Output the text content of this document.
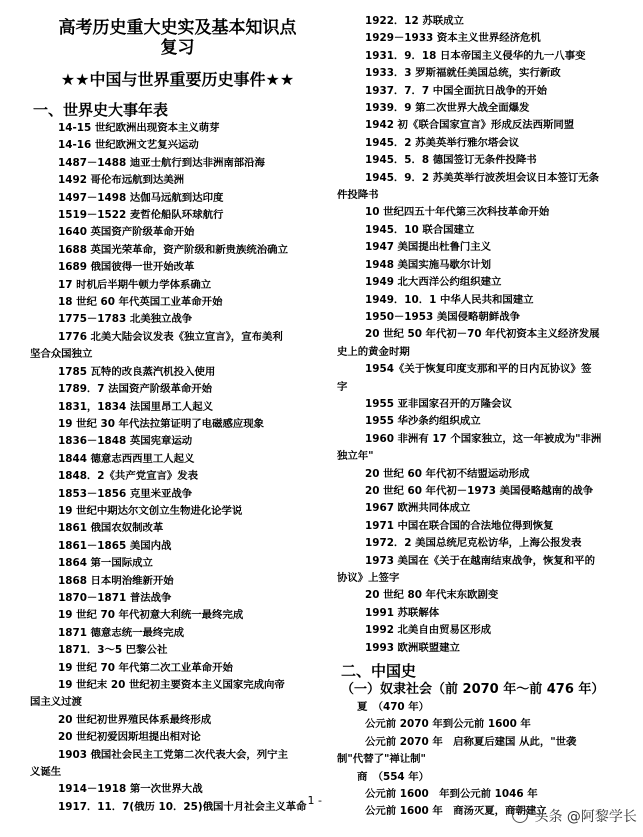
高考历史重大史实及基本知识点
复习
★★中国与世界重要历史事件★★
一、世界史大事年表
14-15 世纪欧洲出现资本主义萌芽
14-16 世纪欧洲文艺复兴运动
1487－1488 迪亚士航行到达非洲南部沿海
1492 哥伦布远航到达美洲
1497－1498 达伽马远航到达印度
1519－1522 麦哲伦船队环球航行
1640 英国资产阶级革命开始
1688 英国光荣革命，资产阶级和新贵族统治确立
1689 俄国彼得一世开始改革
17 时机后半期牛顿力学体系确立
18 世纪 60 年代英国工业革命开始
1775－1783 北美独立战争
1776 北美大陆会议发表《独立宣言》，宣布美利
坚合众国独立
1785 瓦特的改良蒸汽机投入使用
1789．7 法国资产阶级革命开始
1831，1834 法国里昂工人起义
19 世纪 30 年代法拉第证明了电磁感应现象
1836－1848 英国宪章运动
1844 德意志西西里工人起义
1848．2《共产党宣言》发表
1853－1856 克里米亚战争
19 世纪中期达尔文创立生物进化论学说
1861 俄国农奴制改革
1861－1865 美国内战
1864 第一国际成立
1868 日本明治维新开始
1870－1871 普法战争
19 世纪 70 年代初意大利统一最终完成
1871 德意志统一最终完成
1871．3～5 巴黎公社
19 世纪 70 年代第二次工业革命开始
19 世纪末 20 世纪初主要资本主义国家完成向帝
国主义过渡
20 世纪初世界殖民体系最终形成
20 世纪初爱因斯坦提出相对论
1903 俄国社会民主工党第二次代表大会，列宁主
义诞生
1914－1918 第一次世界大战
1917．11．7(俄历 10．25)俄国十月社会主义革命
1922．12 苏联成立
1929－1933 资本主义世界经济危机
1931．9．18 日本帝国主义侵华的九一八事变
1933．3 罗斯福就任美国总统，实行新政
1937．7．7 中国全面抗日战争的开始
1939．9 第二次世界大战全面爆发
1942 初《联合国家宣言》形成反法西斯同盟
1945．2 苏美英举行雅尔塔会议
1945．5．8 德国签订无条件投降书
1945．9．2 苏美英举行波茨坦会议日本签订无条
件投降书
10 世纪四五十年代第三次科技革命开始
1945．10 联合国建立
1947 美国提出杜鲁门主义
1948 美国实施马歇尔计划
1949 北大西洋公约组织建立
1949．10．1 中华人民共和国建立
1950－1953 美国侵略朝鲜战争
20 世纪 50 年代初－70 年代初资本主义经济发展
史上的黄金时期
1954《关于恢复印度支那和平的日内瓦协议》签
字
1955 亚非国家召开的万隆会议
1955 华沙条约组织成立
1960 非洲有 17 个国家独立，这一年被成为"非洲
独立年"
20 世纪 60 年代初不结盟运动形成
20 世纪 60 年代初－1973 美国侵略越南的战争
1967 欧洲共同体成立
1971 中国在联合国的合法地位得到恢复
1972．2 美国总统尼克松访华，上海公报发表
1973 美国在《关于在越南结束战争，恢复和平的
协议》上签字
20 世纪 80 年代末东欧剧变
1991 苏联解体
1992 北美自由贸易区形成
1993 欧洲联盟建立
二、中国史
（一）奴隶社会（前 2070 年～前 476 年）
夏　（470 年）
公元前 2070 年到公元前 1600 年
公元前 2070 年　启称夏后建国 从此，"世袭
制"代替了"禅让制"
商　（554 年）
公元前 1600　年到公元前 1046 年
公元前 1600 年　商汤灭夏，商朝建立
- 1 -
头条 @阿黎学长
